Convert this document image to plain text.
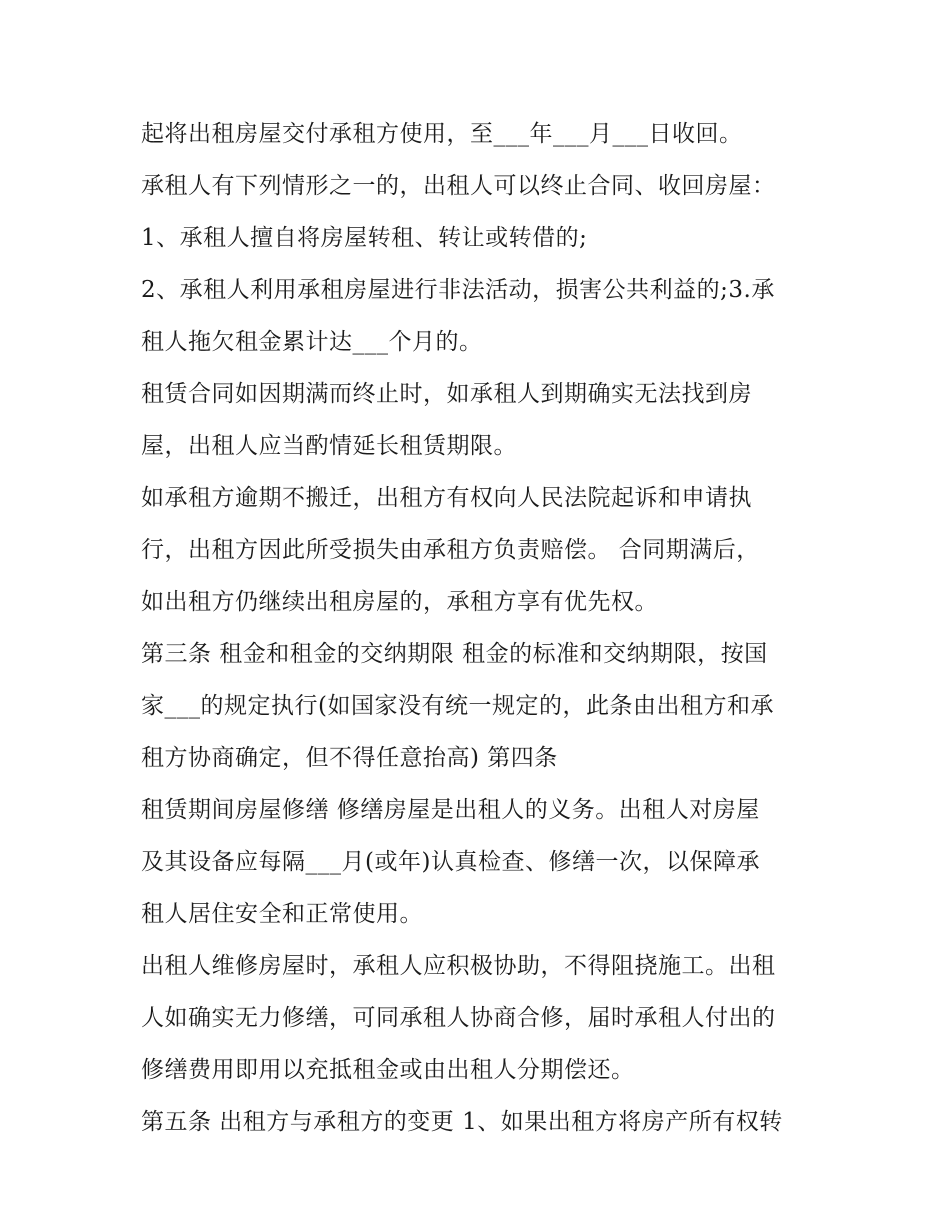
起将出租房屋交付承租方使用，至___年___月___日收回。
承租人有下列情形之一的，出租人可以终止合同、收回房屋：
1、承租人擅自将房屋转租、转让或转借的;
2、承租人利用承租房屋进行非法活动，损害公共利益的;3.承
租人拖欠租金累计达___个月的。
租赁合同如因期满而终止时，如承租人到期确实无法找到房
屋，出租人应当酌情延长租赁期限。
如承租方逾期不搬迁，出租方有权向人民法院起诉和申请执
行，出租方因此所受损失由承租方负责赔偿。 合同期满后，
如出租方仍继续出租房屋的，承租方享有优先权。
第三条 租金和租金的交纳期限 租金的标准和交纳期限，按国
家___的规定执行(如国家没有统一规定的，此条由出租方和承
租方协商确定，但不得任意抬高) 第四条
租赁期间房屋修缮 修缮房屋是出租人的义务。出租人对房屋
及其设备应每隔___月(或年)认真检查、修缮一次，以保障承
租人居住安全和正常使用。
出租人维修房屋时，承租人应积极协助，不得阻挠施工。出租
人如确实无力修缮，可同承租人协商合修，届时承租人付出的
修缮费用即用以充抵租金或由出租人分期偿还。
第五条 出租方与承租方的变更 1、如果出租方将房产所有权转
